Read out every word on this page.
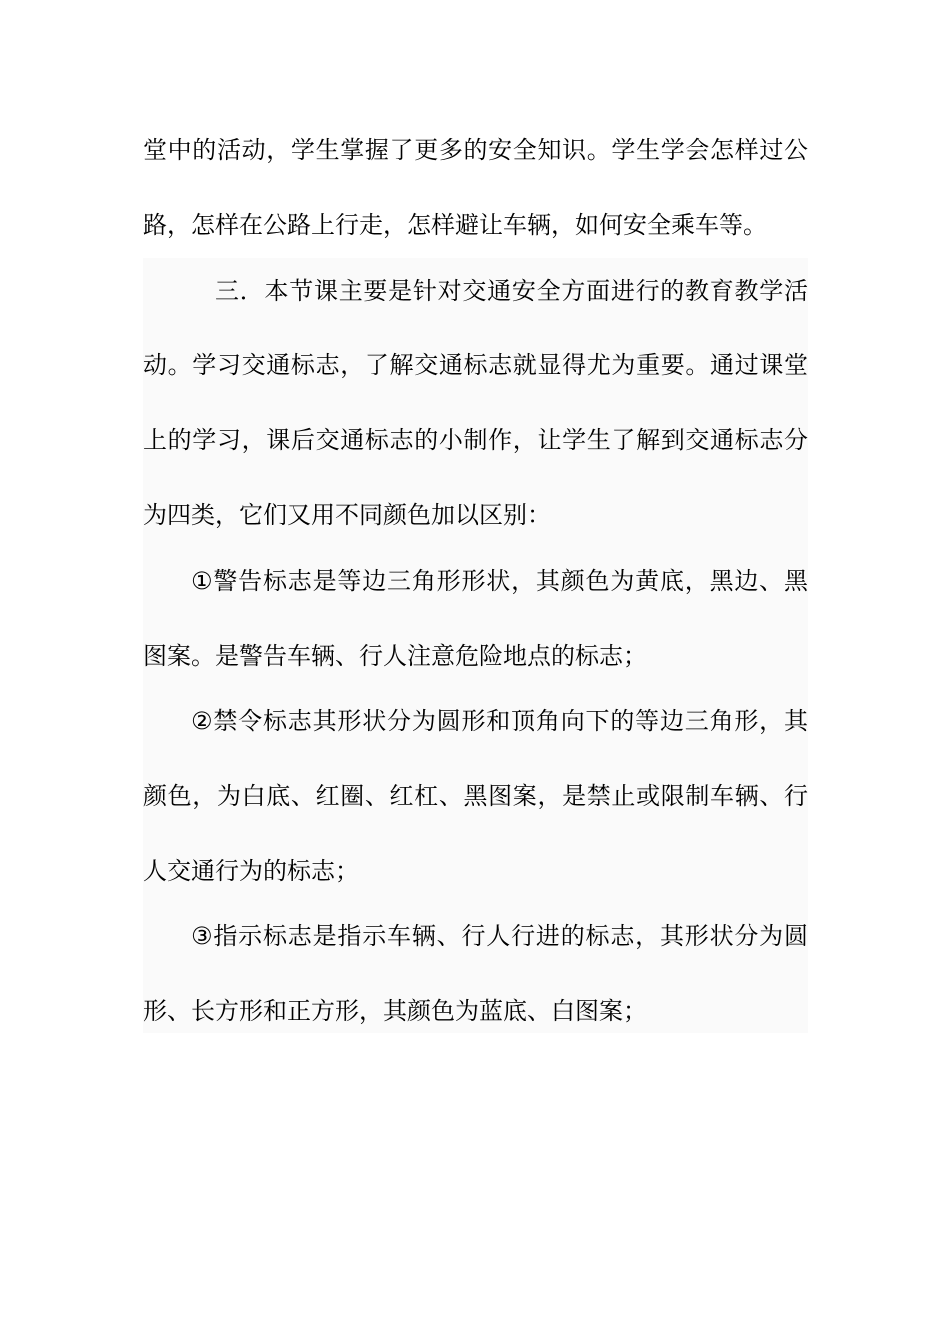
堂中的活动，学生掌握了更多的安全知识。学生学会怎样过公
路，怎样在公路上行走，怎样避让车辆，如何安全乘车等。
三．本节课主要是针对交通安全方面进行的教育教学活
动。学习交通标志，了解交通标志就显得尤为重要。通过课堂
上的学习，课后交通标志的小制作，让学生了解到交通标志分
为四类，它们又用不同颜色加以区别：
①警告标志是等边三角形形状，其颜色为黄底，黑边、黑
图案。是警告车辆、行人注意危险地点的标志；
②禁令标志其形状分为圆形和顶角向下的等边三角形，其
颜色，为白底、红圈、红杠、黑图案，是禁止或限制车辆、行
人交通行为的标志；
③指示标志是指示车辆、行人行进的标志，其形状分为圆
形、长方形和正方形，其颜色为蓝底、白图案；
